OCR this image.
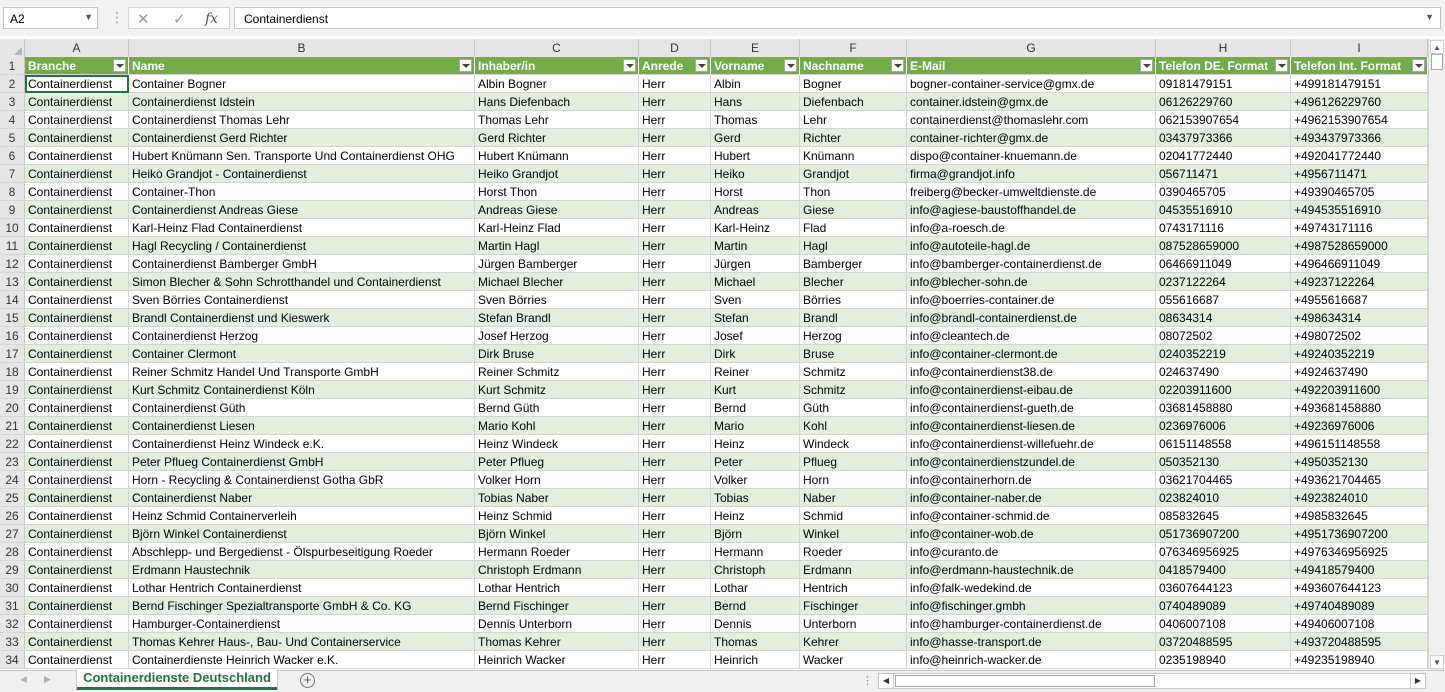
A2	▼ ⋮ ✕ ✓ fx Containerdienst	▼
A	B	C	D	E	F	G	H	I
1	Branche	Name	Inhaber/in	Anrede	Vorname	Nachname	E-Mail	Telefon DE. Format	Telefon Int. Format
2	Containerdienst	Container Bogner	Albin Bogner	Herr	Albin	Bogner	bogner-container-service@gmx.de	09181479151	+499181479151
3	Containerdienst	Containerdienst Idstein	Hans Diefenbach	Herr	Hans	Diefenbach	container.idstein@gmx.de	06126229760	+496126229760
4	Containerdienst	Containerdienst Thomas Lehr	Thomas Lehr	Herr	Thomas	Lehr	containerdienst@thomaslehr.com	062153907654	+4962153907654
5	Containerdienst	Containerdienst Gerd Richter	Gerd Richter	Herr	Gerd	Richter	container-richter@gmx.de	03437973366	+493437973366
6	Containerdienst	Hubert Knümann Sen. Transporte Und Containerdienst OHG	Hubert Knümann	Herr	Hubert	Knümann	dispo@container-knuemann.de	02041772440	+492041772440
7	Containerdienst	Heiko Grandjot - Containerdienst	Heiko Grandjot	Herr	Heiko	Grandjot	firma@grandjot.info	056711471	+4956711471
8	Containerdienst	Container-Thon	Horst Thon	Herr	Horst	Thon	freiberg@becker-umweltdienste.de	0390465705	+49390465705
9	Containerdienst	Containerdienst Andreas Giese	Andreas Giese	Herr	Andreas	Giese	info@agiese-baustoffhandel.de	04535516910	+494535516910
10 Containerdienst	Karl-Heinz Flad Containerdienst	Karl-Heinz Flad	Herr	Karl-Heinz	Flad	info@a-roesch.de	0743171116	+49743171116
11 Containerdienst	Hagl Recycling / Containerdienst	Martin Hagl	Herr	Martin	Hagl	info@autoteile-hagl.de	087528659000	+4987528659000
12 Containerdienst	Containerdienst Bamberger GmbH	Jürgen Bamberger	Herr	Jürgen	Bamberger	info@bamberger-containerdienst.de	06466911049	+496466911049
13 Containerdienst	Simon Blecher & Sohn Schrotthandel und Containerdienst	Michael Blecher	Herr	Michael	Blecher	info@blecher-sohn.de	0237122264	+49237122264
14 Containerdienst	Sven Börries Containerdienst	Sven Börries	Herr	Sven	Börries	info@boerries-container.de	055616687	+4955616687
15 Containerdienst	Brandl Containerdienst und Kieswerk	Stefan Brandl	Herr	Stefan	Brandl	info@brandl-containerdienst.de	08634314	+498634314
16 Containerdienst	Containerdienst Herzog	Josef Herzog	Herr	Josef	Herzog	info@cleantech.de	08072502	+498072502
17 Containerdienst	Container Clermont	Dirk Bruse	Herr	Dirk	Bruse	info@container-clermont.de	0240352219	+49240352219
18 Containerdienst	Reiner Schmitz Handel Und Transporte GmbH	Reiner Schmitz	Herr	Reiner	Schmitz	info@containerdienst38.de	024637490	+4924637490
19 Containerdienst	Kurt Schmitz Containerdienst Köln	Kurt Schmitz	Herr	Kurt	Schmitz	info@containerdienst-eibau.de	02203911600	+492203911600
20 Containerdienst	Containerdienst Güth	Bernd Güth	Herr	Bernd	Güth	info@containerdienst-gueth.de	03681458880	+493681458880
21 Containerdienst	Containerdienst Liesen	Mario Kohl	Herr	Mario	Kohl	info@containerdienst-liesen.de	0236976006	+49236976006
22 Containerdienst	Containerdienst Heinz Windeck e.K.	Heinz Windeck	Herr	Heinz	Windeck	info@containerdienst-willefuehr.de	06151148558	+496151148558
23 Containerdienst	Peter Pflueg Containerdienst GmbH	Peter Pflueg	Herr	Peter	Pflueg	info@containerdienstzundel.de	050352130	+4950352130
24 Containerdienst	Horn - Recycling & Containerdienst Gotha GbR	Volker Horn	Herr	Volker	Horn	info@containerhorn.de	03621704465	+493621704465
25 Containerdienst	Containerdienst Naber	Tobias Naber	Herr	Tobias	Naber	info@container-naber.de	023824010	+4923824010
26 Containerdienst	Heinz Schmid Containerverleih	Heinz Schmid	Herr	Heinz	Schmid	info@container-schmid.de	085832645	+4985832645
27 Containerdienst	Björn Winkel Containerdienst	Björn Winkel	Herr	Björn	Winkel	info@container-wob.de	051736907200	+4951736907200
28 Containerdienst	Abschlepp- und Bergedienst - Ölspurbeseitigung Roeder	Hermann Roeder	Herr	Hermann	Roeder	info@curanto.de	076346956925	+4976346956925
29 Containerdienst	Erdmann Haustechnik	Christoph Erdmann	Herr	Christoph	Erdmann	info@erdmann-haustechnik.de	0418579400	+49418579400
30 Containerdienst	Lothar Hentrich Containerdienst	Lothar Hentrich	Herr	Lothar	Hentrich	info@falk-wedekind.de	03607644123	+493607644123
31 Containerdienst	Bernd Fischinger Spezialtransporte GmbH & Co. KG	Bernd Fischinger	Herr	Bernd	Fischinger	info@fischinger.gmbh	0740489089	+49740489089
32 Containerdienst	Hamburger-Containerdienst	Dennis Unterborn	Herr	Dennis	Unterborn	info@hamburger-containerdienst.de	0406007108	+49406007108
33 Containerdienst	Thomas Kehrer Haus-, Bau- Und Containerservice	Thomas Kehrer	Herr	Thomas	Kehrer	info@hasse-transport.de	03720488595	+493720488595
34 Containerdienst	Containerdienste Heinrich Wacker e.K.	Heinrich Wacker	Herr	Heinrich	Wacker	info@heinrich-wacker.de	0235198940	+49235198940
▲
▼
◀ ▶	Containerdienste Deutschland	+	⋮	◀	▶
